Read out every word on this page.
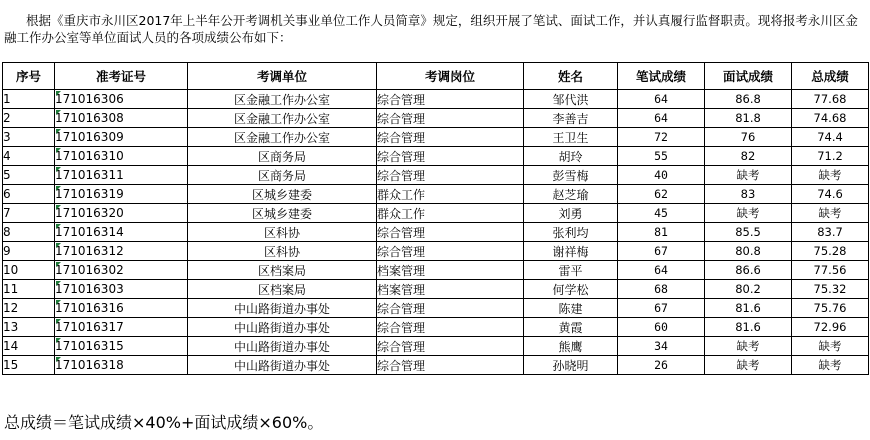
根据《重庆市永川区2017年上半年公开考调机关事业单位工作人员简章》规定，组织开展了笔试、面试工作，并认真履行监督职责。现将报考永川区金融工作办公室等单位面试人员的各项成绩公布如下：
序号	准考证号	考调单位	考调岗位	姓名	笔试成绩	面试成绩	总成绩
1	171016306	区金融工作办公室	综合管理	邹代洪	64	86.8	77.68
2	171016308	区金融工作办公室	综合管理	李善吉	64	81.8	74.68
3	171016309	区金融工作办公室	综合管理	王卫生	72	76	74.4
4	171016310	区商务局	综合管理	胡玲	55	82	71.2
5	171016311	区商务局	综合管理	彭雪梅	40	缺考	缺考
6	171016319	区城乡建委	群众工作	赵芝瑜	62	83	74.6
7	171016320	区城乡建委	群众工作	刘勇	45	缺考	缺考
8	171016314	区科协	综合管理	张利均	81	85.5	83.7
9	171016312	区科协	综合管理	谢祥梅	67	80.8	75.28
10	171016302	区档案局	档案管理	雷平	64	86.6	77.56
11	171016303	区档案局	档案管理	何学松	68	80.2	75.32
12	171016316	中山路街道办事处	综合管理	陈建	67	81.6	75.76
13	171016317	中山路街道办事处	综合管理	黄霞	60	81.6	72.96
14	171016315	中山路街道办事处	综合管理	熊鹰	34	缺考	缺考
15	171016318	中山路街道办事处	综合管理	孙晓明	26	缺考	缺考
总成绩＝笔试成绩×40%+面试成绩×60%。
